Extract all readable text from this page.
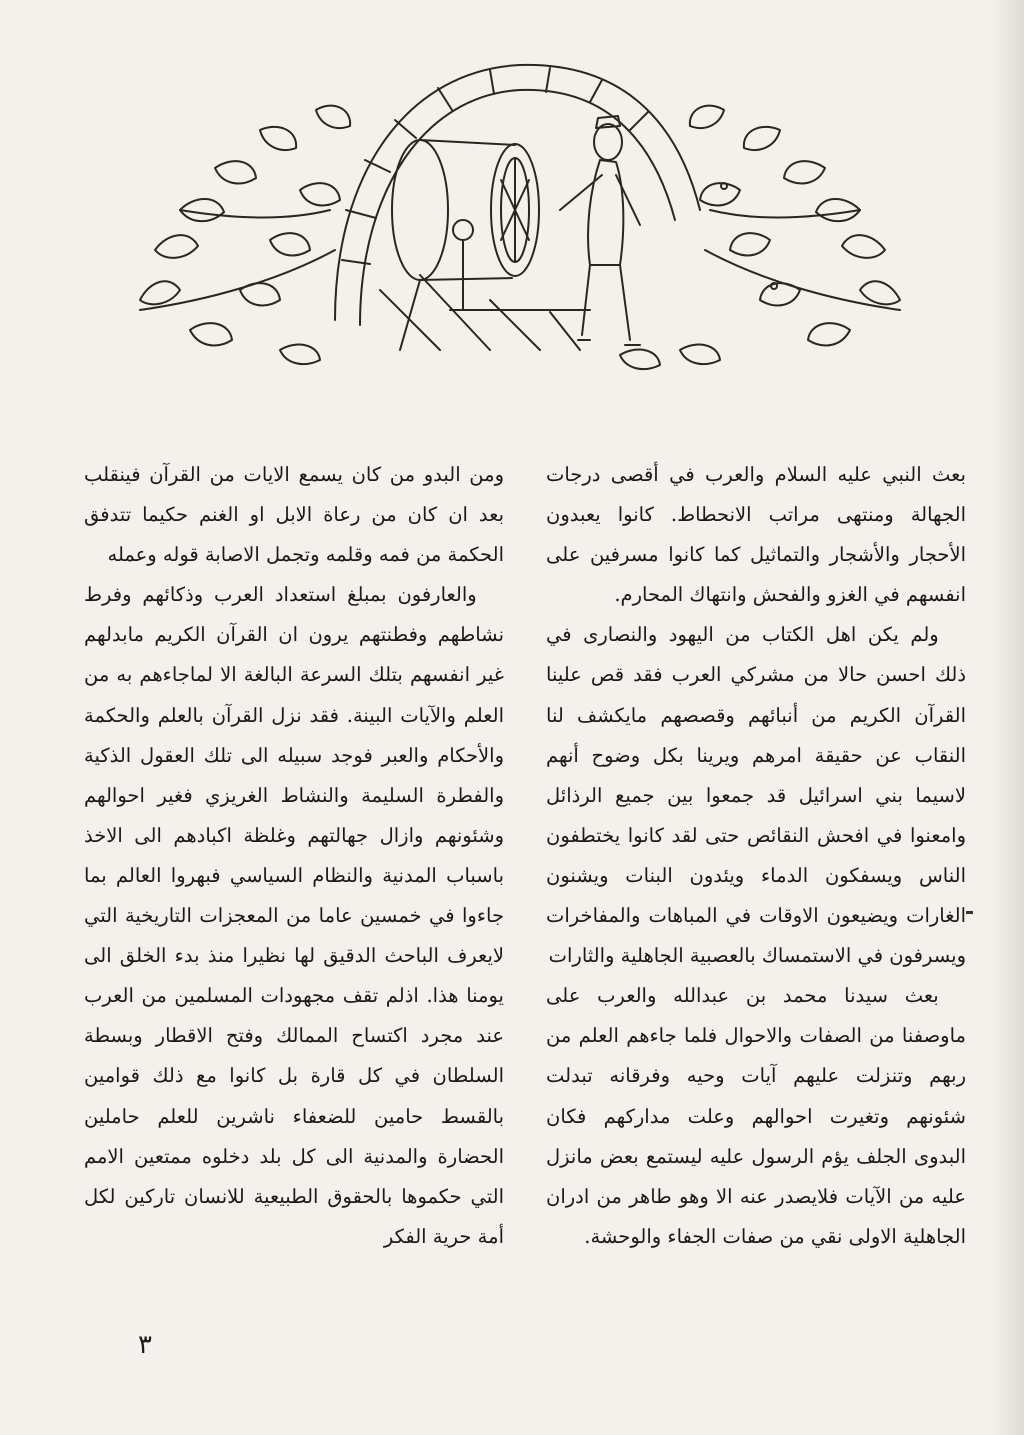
بعث النبي عليه السلام والعرب في أقصى درجات الجهالة ومنتهى مراتب الانحطاط. كانوا يعبدون الأحجار والأشجار والتماثيل كما كانوا مسرفين على انفسهم في الغزو والفحش وانتهاك المحارم.

ولم يكن اهل الكتاب من اليهود والنصارى في ذلك احسن حالا من مشركي العرب فقد قص علينا القرآن الكريم من أنبائهم وقصصهم مايكشف لنا النقاب عن حقيقة امرهم ويرينا بكل وضوح أنهم لاسيما بني اسرائيل قد جمعوا بين جميع الرذائل وامعنوا في افحش النقائص حتى لقد كانوا يختطفون الناس ويسفكون الدماء ويئدون البنات ويشنون الغارات ويضيعون الاوقات في المباهات والمفاخرات ويسرفون في الاستمساك بالعصبية الجاهلية والثارات

بعث سيدنا محمد بن عبدالله والعرب على ماوصفنا من الصفات والاحوال فلما جاءهم العلم من ربهم وتنزلت عليهم آيات وحيه وفرقانه تبدلت شئونهم وتغيرت احوالهم وعلت مداركهم فكان البدوى الجلف يؤم الرسول عليه ليستمع بعض مانزل عليه من الآيات فلايصدر عنه الا وهو طاهر من ادران الجاهلية الاولى نقي من صفات الجفاء والوحشة.

ومن البدو من كان يسمع الايات من القرآن فينقلب بعد ان كان من رعاة الابل او الغنم حكيما تتدفق الحكمة من فمه وقلمه وتجمل الاصابة قوله وعمله

والعارفون بمبلغ استعداد العرب وذكائهم وفرط نشاطهم وفطنتهم يرون ان القرآن الكريم مابدلهم غير انفسهم بتلك السرعة البالغة الا لماجاءهم به من العلم والآيات البينة. فقد نزل القرآن بالعلم والحكمة والأحكام والعبر فوجد سبيله الى تلك العقول الذكية والفطرة السليمة والنشاط الغريزي فغير احوالهم وشئونهم وازال جهالتهم وغلظة اكبادهم الى الاخذ باسباب المدنية والنظام السياسي فبهروا العالم بما جاءوا في خمسين عاما من المعجزات التاريخية التي لايعرف الباحث الدقيق لها نظيرا منذ بدء الخلق الى يومنا هذا. اذلم تقف مجهودات المسلمين من العرب عند مجرد اكتساح الممالك وفتح الاقطار وبسطة السلطان في كل قارة بل كانوا مع ذلك قوامين بالقسط حامين للضعفاء ناشرين للعلم حاملين الحضارة والمدنية الى كل بلد دخلوه ممتعين الامم التي حكموها بالحقوق الطبيعية للانسان تاركين لكل أمة حرية الفكر

٣
